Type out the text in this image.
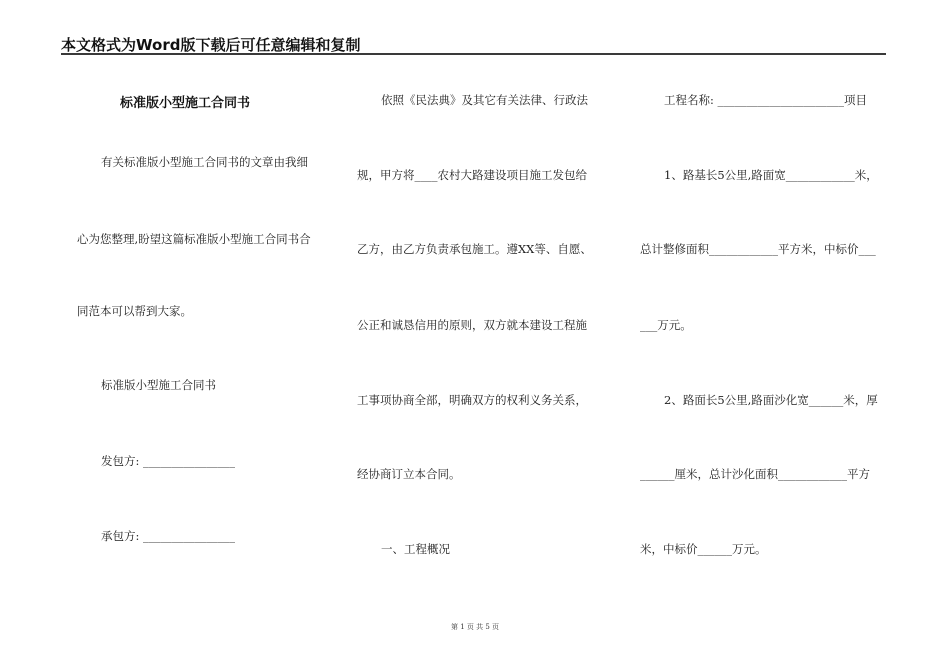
本文格式为Word版下载后可任意编辑和复制
标准版小型施工合同书
有关标准版小型施工合同书的文章由我细
心为您整理,盼望这篇标准版小型施工合同书合
同范本可以帮到大家。
标准版小型施工合同书
发包方: ________________
承包方: ________________
依照《民法典》及其它有关法律、行政法
规，甲方将____农村大路建设项目施工发包给
乙方，由乙方负责承包施工。遵XX等、自愿、
公正和诚恳信用的原则，双方就本建设工程施
工事项协商全部，明确双方的权利义务关系，
经协商订立本合同。
一、工程概况
工程名称: ______________________项目
1、路基长5公里,路面宽____________米，
总计整修面积____________平方米，中标价___
___万元。
2、路面长5公里,路面沙化宽______米，厚
______厘米，总计沙化面积____________平方
米，中标价______万元。
第 1 页 共 5 页
